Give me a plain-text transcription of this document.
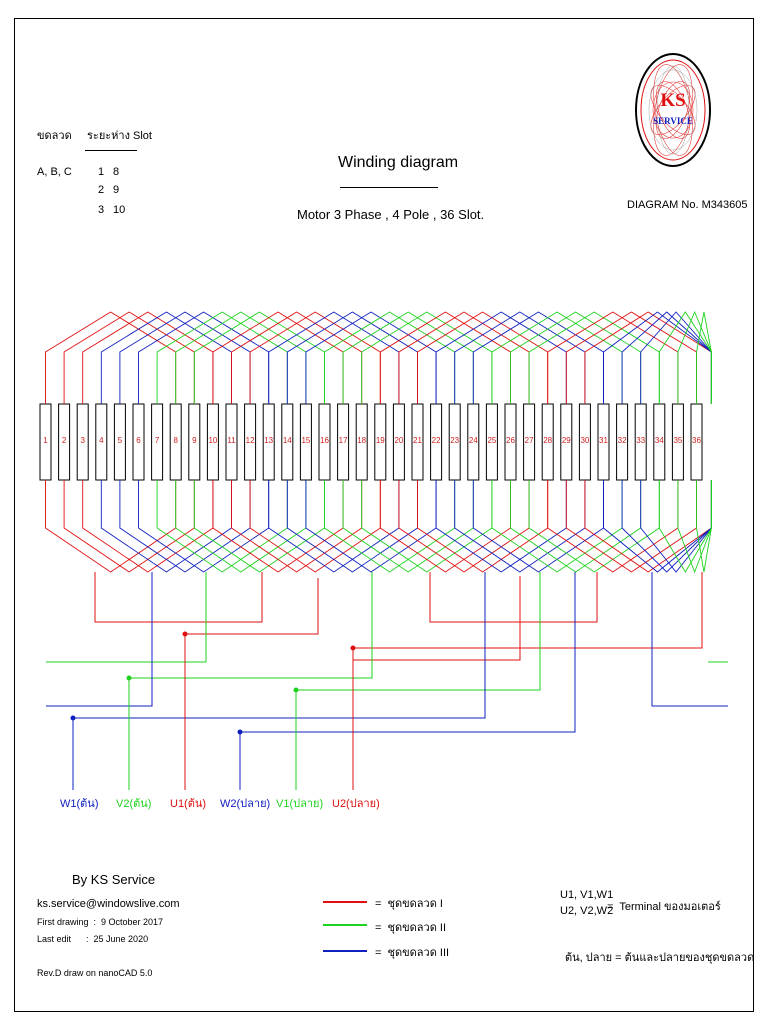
ขดลวด ระยะห่าง Slot
A, B, C 1 8
2 9
3 10
Winding diagram
Motor 3 Phase , 4 Pole , 36 Slot.
DIAGRAM No. M343605
KS
SERVICE
1 2 3 4 5 6 7 8 9 10 11 12 13 14 15 16 17 18 19 20 21 22 23 24 25 26 27 28 29 30 31 32 33 34 35 36
W1(ต้น) V2(ต้น) U1(ต้น) W2(ปลาย) V1(ปลาย) U2(ปลาย)
By KS Service
ks.service@windowslive.com
First drawing  :  9 October 2017
Last edit      :  25 June 2020
Rev.D draw on nanoCAD 5.0
=  ชุดขดลวด I
=  ชุดขดลวด II
=  ชุดขดลวด III
U1, V1,W1
U2, V2,W2
=  Terminal ของมอเตอร์
ต้น, ปลาย = ต้นและปลายของชุดขดลวด
